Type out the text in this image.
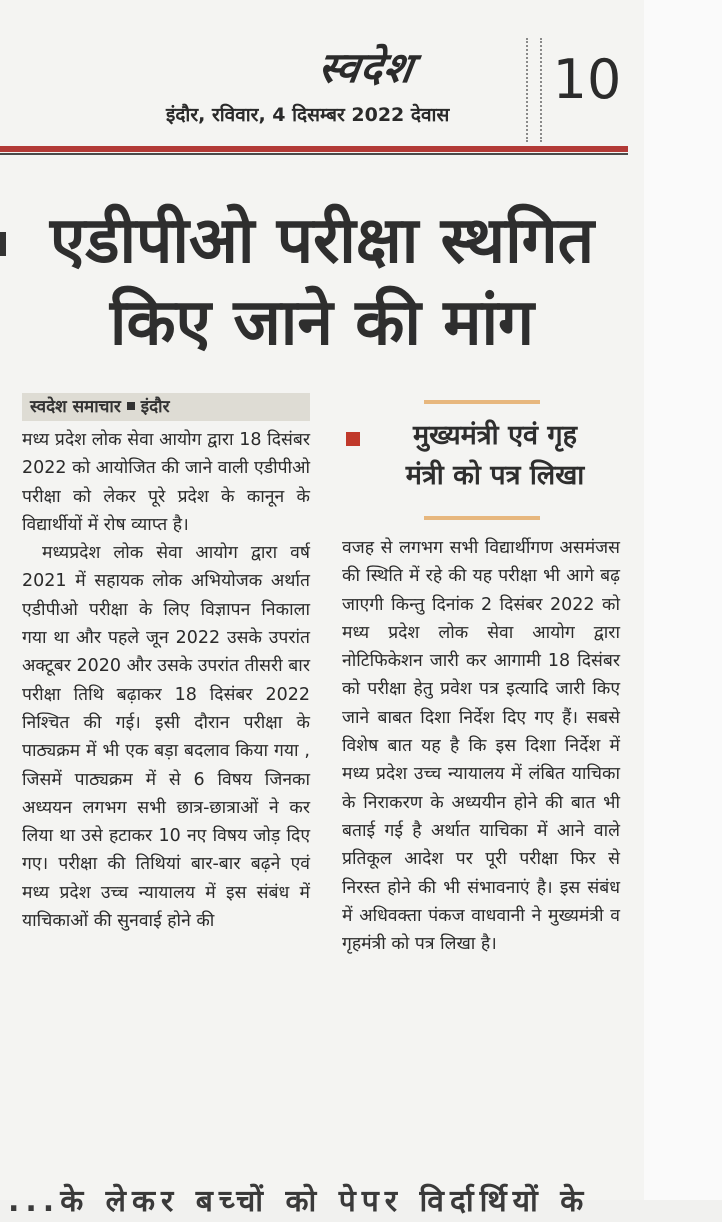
स्वदेश
इंदौर, रविवार, 4 दिसम्बर 2022 देवास
10
एडीपीओ परीक्षा स्थगित
किए जाने की मांग
स्वदेश समाचार इंदौर

मध्य प्रदेश लोक सेवा आयोग द्वारा 18 दिसंबर 2022 को आयोजित की जाने वाली एडीपीओ परीक्षा को लेकर पूरे प्रदेश के कानून के विद्यार्थीयों में रोष व्याप्त है।

मध्यप्रदेश लोक सेवा आयोग द्वारा वर्ष 2021 में सहायक लोक अभियोजक अर्थात एडीपीओ परीक्षा के लिए विज्ञापन निकाला गया था और पहले जून 2022 उसके उपरांत अक्टूबर 2020 और उसके उपरांत तीसरी बार परीक्षा तिथि बढ़ाकर 18 दिसंबर 2022 निश्चित की गई। इसी दौरान परीक्षा के पाठ्यक्रम में भी एक बड़ा बदलाव किया गया , जिसमें पाठ्यक्रम में से 6 विषय जिनका अध्ययन लगभग सभी छात्र-छात्राओं ने कर लिया था उसे हटाकर 10 नए विषय जोड़ दिए गए। परीक्षा की तिथियां बार-बार बढ़ने एवं मध्य प्रदेश उच्च न्यायालय में इस संबंध में याचिकाओं की सुनवाई होने की

मुख्यमंत्री एवं गृह
मंत्री को पत्र लिखा

वजह से लगभग सभी विद्यार्थीगण असमंजस की स्थिति में रहे की यह परीक्षा भी आगे बढ़ जाएगी किन्तु दिनांक 2 दिसंबर 2022 को मध्य प्रदेश लोक सेवा आयोग द्वारा नोटिफिकेशन जारी कर आगामी 18 दिसंबर को परीक्षा हेतु प्रवेश पत्र इत्यादि जारी किए जाने बाबत दिशा निर्देश दिए गए हैं। सबसे विशेष बात यह है कि इस दिशा निर्देश में मध्य प्रदेश उच्च न्यायालय में लंबित याचिका के निराकरण के अध्ययीन होने की बात भी बताई गई है अर्थात याचिका में आने वाले प्रतिकूल आदेश पर पूरी परीक्षा फिर से निरस्त होने की भी संभावनाएं है। इस संबंध में अधिवक्ता पंकज वाधवानी ने मुख्यमंत्री व गृहमंत्री को पत्र लिखा है।

...के लेकर बच्चों को पेपर विर्दार्थियों के
